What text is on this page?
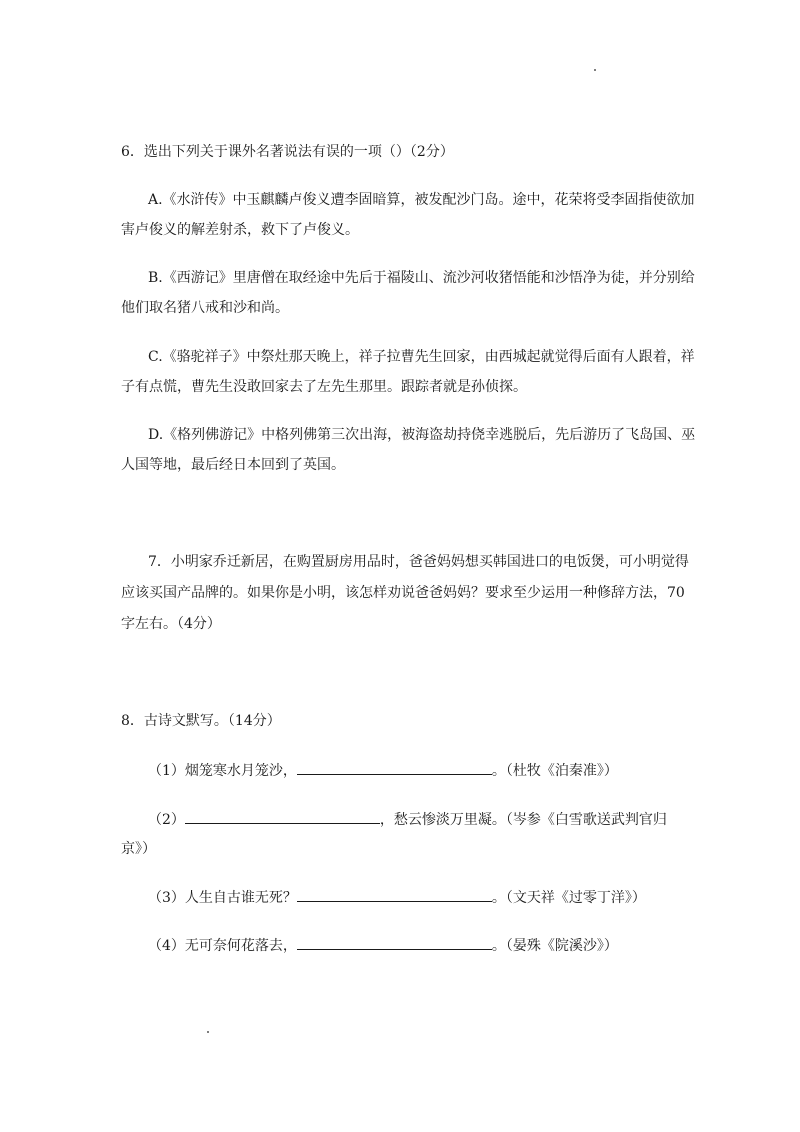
6．选出下列关于课外名著说法有误的一项（）（2分）
A.《水浒传》中玉麒麟卢俊义遭李固暗算，被发配沙门岛。途中，花荣将受李固指使欲加
害卢俊义的解差射杀，救下了卢俊义。
B.《西游记》里唐僧在取经途中先后于福陵山、流沙河收猪悟能和沙悟净为徒，并分别给
他们取名猪八戒和沙和尚。
C.《骆驼祥子》中祭灶那天晚上，祥子拉曹先生回家，由西城起就觉得后面有人跟着，祥
子有点慌，曹先生没敢回家去了左先生那里。跟踪者就是孙侦探。
D.《格列佛游记》中格列佛第三次出海，被海盗劫持侥幸逃脱后，先后游历了飞岛国、巫
人国等地，最后经日本回到了英国。
7．小明家乔迁新居，在购置厨房用品时，爸爸妈妈想买韩国进口的电饭煲，可小明觉得
应该买国产品牌的。如果你是小明，该怎样劝说爸爸妈妈？要求至少运用一种修辞方法，70
字左右。（4分）
8．古诗文默写。（14分）
（1）烟笼寒水月笼沙，	。（杜牧《泊秦准》）
（2）	，愁云惨淡万里凝。（岑参《白雪歌送武判官归
京》）
（3）人生自古谁无死？	。（文天祥《过零丁洋》）
（4）无可奈何花落去，	。（晏殊《院溪沙》）
